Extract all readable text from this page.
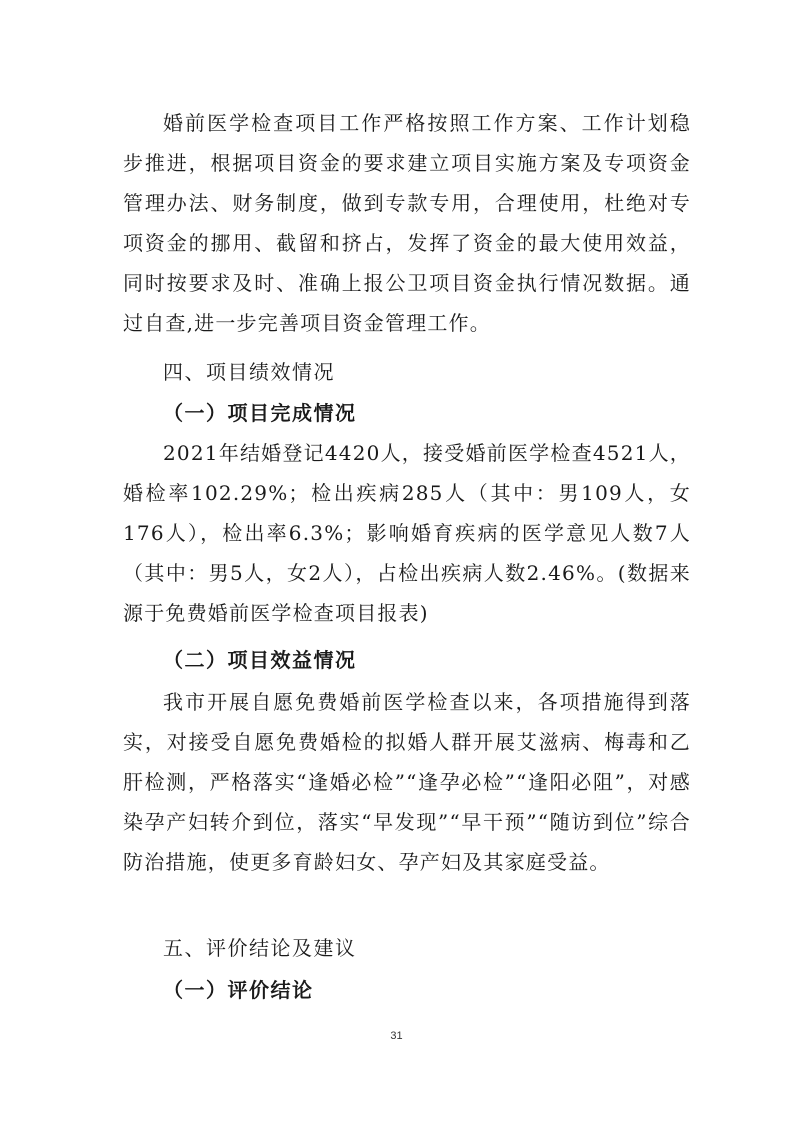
婚前医学检查项目工作严格按照工作方案、工作计划稳步推进，根据项目资金的要求建立项目实施方案及专项资金管理办法、财务制度，做到专款专用，合理使用，杜绝对专项资金的挪用、截留和挤占，发挥了资金的最大使用效益，同时按要求及时、准确上报公卫项目资金执行情况数据。通过自查,进一步完善项目资金管理工作。

四、项目绩效情况

（一）项目完成情况

2021年结婚登记4420人，接受婚前医学检查4521人，婚检率102.29%；检出疾病285人（其中：男109人，女176人），检出率6.3%；影响婚育疾病的医学意见人数7人（其中：男5人，女2人），占检出疾病人数2.46%。(数据来源于免费婚前医学检查项目报表)

（二）项目效益情况

我市开展自愿免费婚前医学检查以来，各项措施得到落实，对接受自愿免费婚检的拟婚人群开展艾滋病、梅毒和乙肝检测，严格落实“逢婚必检”“逢孕必检”“逢阳必阻”，对感染孕产妇转介到位，落实“早发现”“早干预”“随访到位”综合防治措施，使更多育龄妇女、孕产妇及其家庭受益。

五、评价结论及建议

（一）评价结论

31
